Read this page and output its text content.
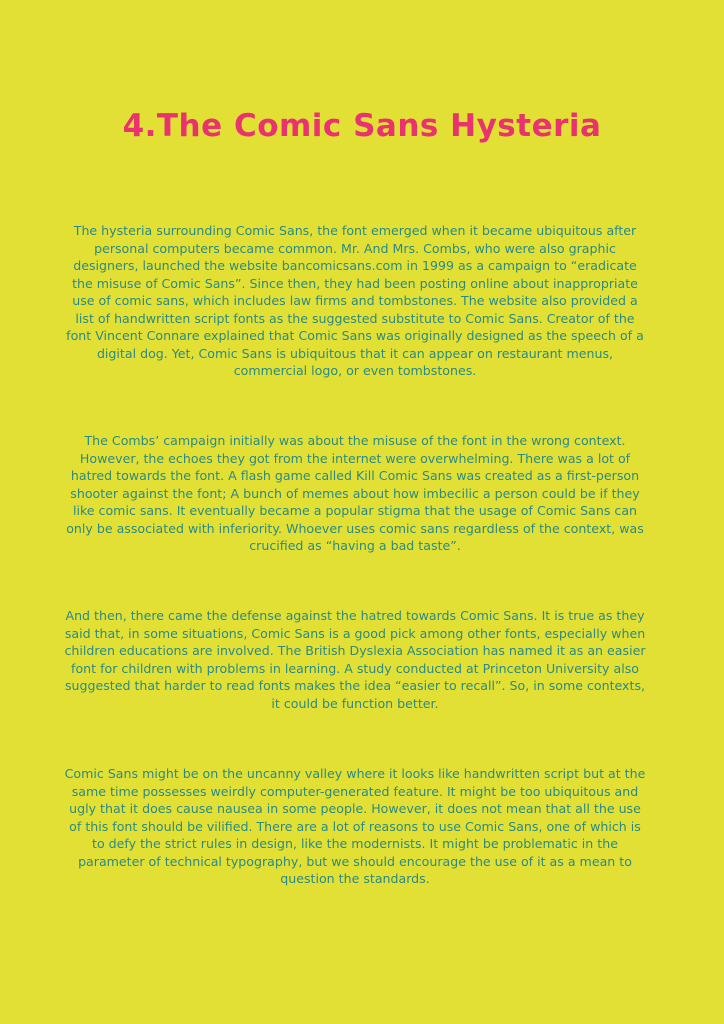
4.The Comic Sans Hysteria

The hysteria surrounding Comic Sans, the font emerged when it became ubiquitous after personal computers became common. Mr. And Mrs. Combs, who were also graphic designers, launched the website bancomicsans.com in 1999 as a campaign to “eradicate the misuse of Comic Sans”. Since then, they had been posting online about inappropriate use of comic sans, which includes law firms and tombstones. The website also provided a list of handwritten script fonts as the suggested substitute to Comic Sans. Creator of the font Vincent Connare explained that Comic Sans was originally designed as the speech of a digital dog. Yet, Comic Sans is ubiquitous that it can appear on restaurant menus, commercial logo, or even tombstones.

The Combs’ campaign initially was about the misuse of the font in the wrong context. However, the echoes they got from the internet were overwhelming. There was a lot of hatred towards the font. A flash game called Kill Comic Sans was created as a first-person shooter against the font; A bunch of memes about how imbecilic a person could be if they like comic sans. It eventually became a popular stigma that the usage of Comic Sans can only be associated with inferiority. Whoever uses comic sans regardless of the context, was crucified as “having a bad taste”.

And then, there came the defense against the hatred towards Comic Sans. It is true as they said that, in some situations, Comic Sans is a good pick among other fonts, especially when children educations are involved. The British Dyslexia Association has named it as an easier font for children with problems in learning. A study conducted at Princeton University also suggested that harder to read fonts makes the idea “easier to recall”. So, in some contexts, it could be function better.

Comic Sans might be on the uncanny valley where it looks like handwritten script but at the same time possesses weirdly computer-generated feature. It might be too ubiquitous and ugly that it does cause nausea in some people. However, it does not mean that all the use of this font should be vilified. There are a lot of reasons to use Comic Sans, one of which is to defy the strict rules in design, like the modernists. It might be problematic in the parameter of technical typography, but we should encourage the use of it as a mean to question the standards.
